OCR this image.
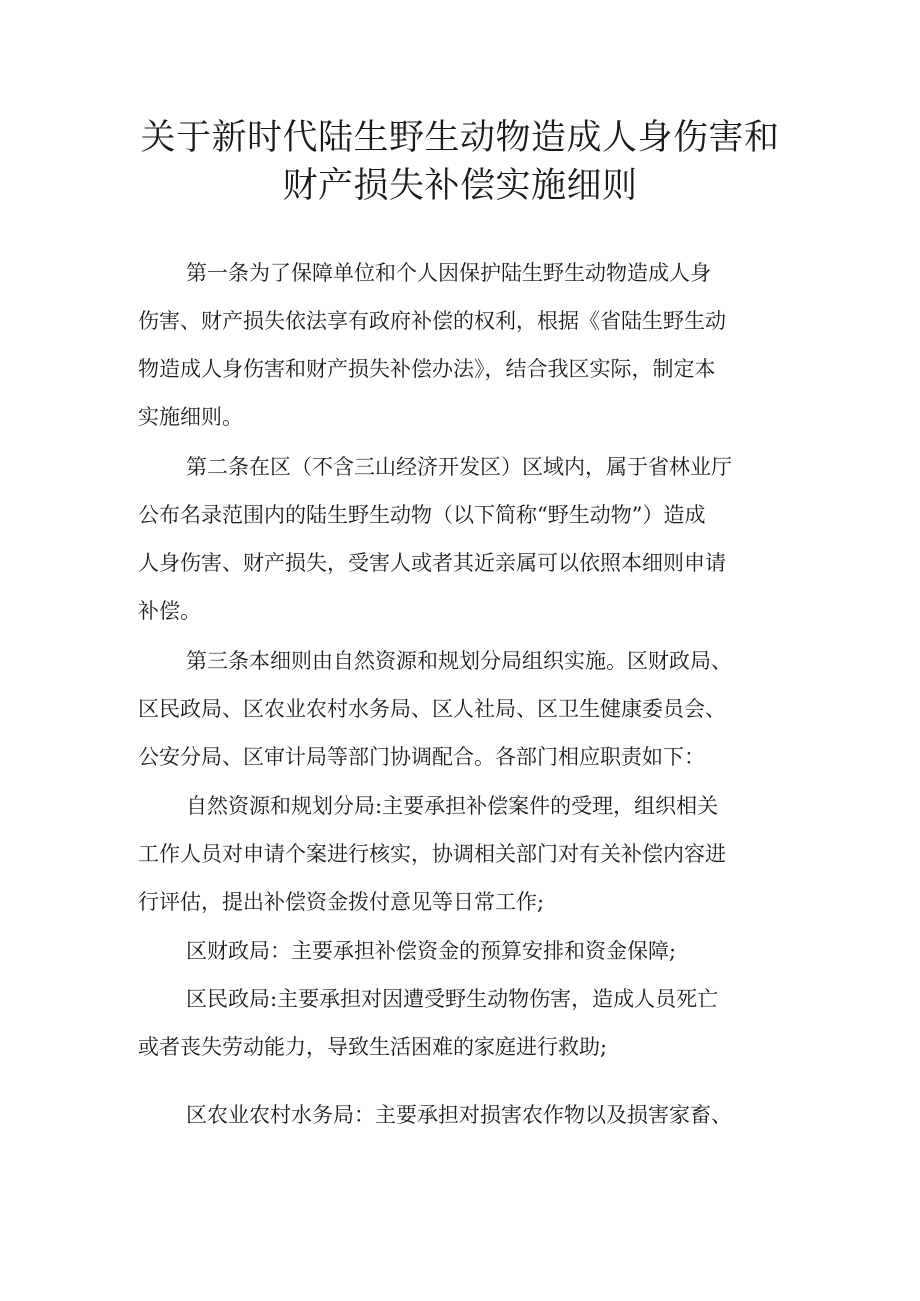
关于新时代陆生野生动物造成人身伤害和
财产损失补偿实施细则

第一条为了保障单位和个人因保护陆生野生动物造成人身
伤害、财产损失依法享有政府补偿的权利，根据《省陆生野生动
物造成人身伤害和财产损失补偿办法》，结合我区实际，制定本
实施细则。

第二条在区（不含三山经济开发区）区域内，属于省林业厅
公布名录范围内的陆生野生动物（以下简称“野生动物”）造成
人身伤害、财产损失，受害人或者其近亲属可以依照本细则申请
补偿。

第三条本细则由自然资源和规划分局组织实施。区财政局、
区民政局、区农业农村水务局、区人社局、区卫生健康委员会、
公安分局、区审计局等部门协调配合。各部门相应职责如下：

自然资源和规划分局:主要承担补偿案件的受理，组织相关
工作人员对申请个案进行核实，协调相关部门对有关补偿内容进
行评估，提出补偿资金拨付意见等日常工作;

区财政局：主要承担补偿资金的预算安排和资金保障;

区民政局:主要承担对因遭受野生动物伤害，造成人员死亡
或者丧失劳动能力，导致生活困难的家庭进行救助;

区农业农村水务局：主要承担对损害农作物以及损害家畜、
